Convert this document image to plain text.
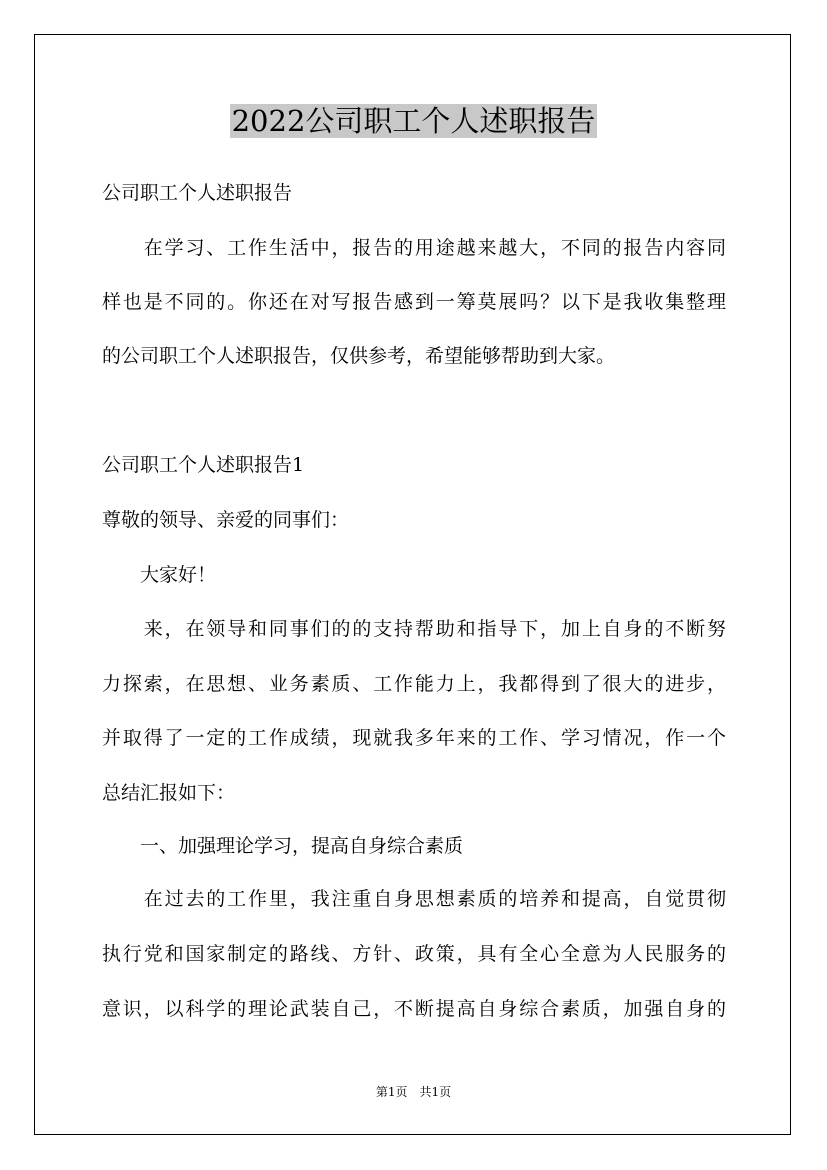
2022公司职工个人述职报告
公司职工个人述职报告
　　在学习、工作生活中，报告的用途越来越大，不同的报告内容同
样也是不同的。你还在对写报告感到一筹莫展吗？以下是我收集整理
的公司职工个人述职报告，仅供参考，希望能够帮助到大家。
公司职工个人述职报告1
尊敬的领导、亲爱的同事们：
　　大家好！
　　来，在领导和同事们的的支持帮助和指导下，加上自身的不断努
力探索，在思想、业务素质、工作能力上，我都得到了很大的进步，
并取得了一定的工作成绩，现就我多年来的工作、学习情况，作一个
总结汇报如下：
　　一、加强理论学习，提高自身综合素质
　　在过去的工作里，我注重自身思想素质的培养和提高，自觉贯彻
执行党和国家制定的路线、方针、政策，具有全心全意为人民服务的
意识，以科学的理论武装自己，不断提高自身综合素质，加强自身的
第1页　共1页
